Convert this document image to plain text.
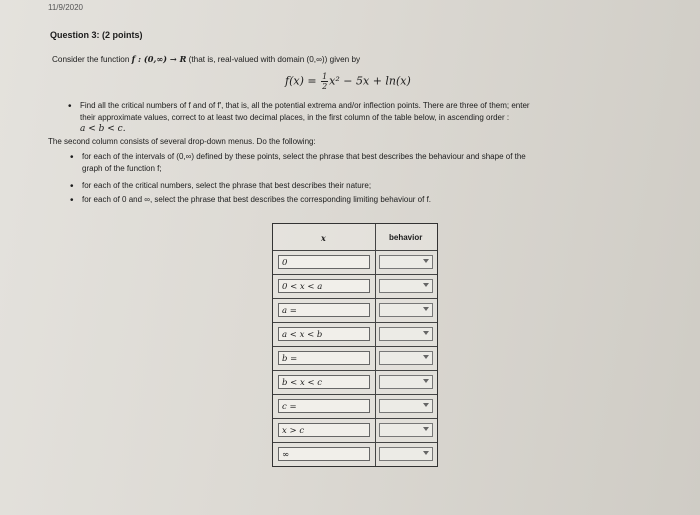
11/9/2020
Question 3: (2 points)
Consider the function f : (0,∞) → R (that is, real-valued with domain (0,∞)) given by
$f(x) = \frac{1}{2}x^2 - 5x + \ln(x)$
• Find all the critical numbers of f and of f′, that is, all the potential extrema and/or inflection points. There are three of them; enter
their approximate values, correct to at least two decimal places, in the first column of the table below, in ascending order :
a < b < c.
The second column consists of several drop-down menus. Do the following:
• for each of the intervals of (0,∞) defined by these points, select the phrase that best describes the behaviour and shape of the
graph of the function f;
• for each of the critical numbers, select the phrase that best describes their nature;
• for each of 0 and ∞, select the phrase that best describes the corresponding limiting behaviour of f.
x	behavior
0
0 < x < a
a =
a < x < b
b =
b < x < c
c =
x > c
∞
